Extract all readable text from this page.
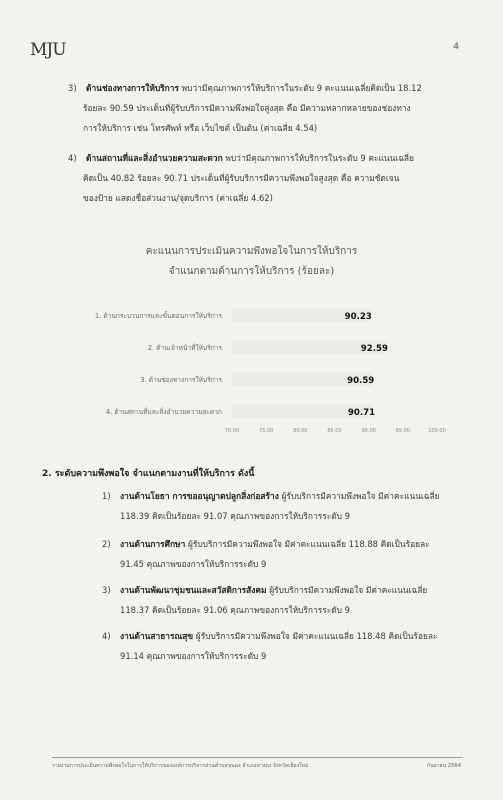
MJU	4
3) ด้านช่องทางการให้บริการ พบว่ามีคุณภาพการให้บริการในระดับ 9 คะแนนเฉลี่ยคิดเป็น 18.12
ร้อยละ 90.59 ประเด็นที่ผู้รับบริการมีความพึงพอใจสูงสุด คือ มีความหลากหลายของช่องทาง
การให้บริการ เช่น โทรศัพท์ หรือ เว็บไซต์ เป็นต้น (ค่าเฉลี่ย 4.54)
4) ด้านสถานที่และสิ่งอำนวยความสะดวก พบว่ามีคุณภาพการให้บริการในระดับ 9 คะแนนเฉลี่ย
คิดเป็น 40.82 ร้อยละ 90.71 ประเด็นที่ผู้รับบริการมีความพึงพอใจสูงสุด คือ ความชัดเจน
ของป้าย แสดงชื่อส่วนงาน/จุดบริการ (ค่าเฉลี่ย 4.62)
คะแนนการประเมินความพึงพอใจในการให้บริการ
จำแนกตามด้านการให้บริการ (ร้อยละ)
1. ด้านกระบวนการและขั้นตอนการให้บริการ	90.23
2. ด้านเจ้าหน้าที่ให้บริการ	92.59
3. ด้านช่องทางการให้บริการ	90.59
4. ด้านสถานที่และสิ่งอำนวยความสะดวก	90.71
70.00	75.00	80.00	85.00	90.00	95.00	100.00
2. ระดับความพึงพอใจ จำแนกตามงานที่ให้บริการ ดังนี้
1) งานด้านโยธา การขออนุญาตปลูกสิ่งก่อสร้าง ผู้รับบริการมีความพึงพอใจ มีค่าคะแนนเฉลี่ย
118.39 คิดเป็นร้อยละ 91.07 คุณภาพของการให้บริการระดับ 9
2) งานด้านการศึกษา ผู้รับบริการมีความพึงพอใจ มีค่าคะแนนเฉลี่ย 118.88 คิดเป็นร้อยละ
91.45 คุณภาพของการให้บริการระดับ 9
3) งานด้านพัฒนาชุมชนและสวัสดิการสังคม ผู้รับบริการมีความพึงพอใจ มีค่าคะแนนเฉลี่ย
118.37 คิดเป็นร้อยละ 91.06 คุณภาพของการให้บริการระดับ 9
4) งานด้านสาธารณสุข ผู้รับบริการมีความพึงพอใจ มีค่าคะแนนเฉลี่ย 118.48 คิดเป็นร้อยละ
91.14 คุณภาพของการให้บริการระดับ 9
รายงานการประเมินความพึงพอใจในการให้บริการขององค์การบริหารส่วนตำบลขุนคง อำเภอหางดง จังหวัดเชียงใหม่	กันยายน 2564
